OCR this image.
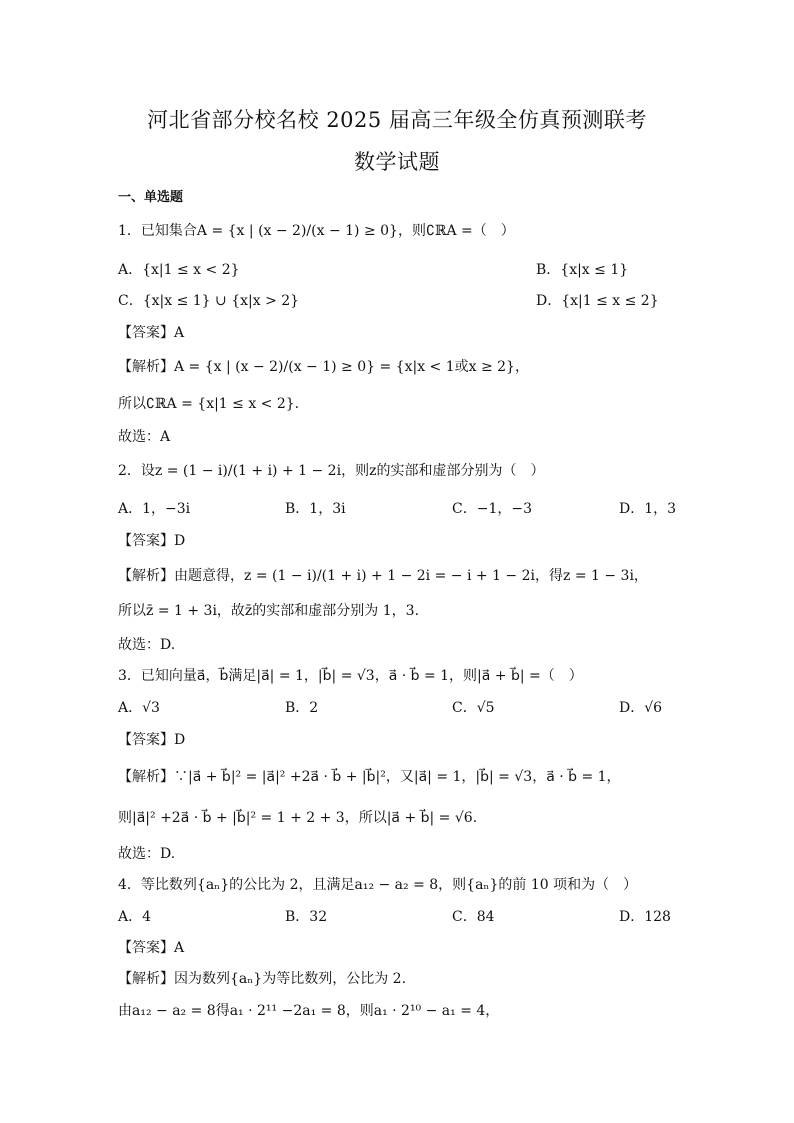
河北省部分校名校 2025 届高三年级全仿真预测联考
数学试题
一、单选题
1．已知集合A = {x | (x − 2)/(x − 1) ≥ 0}，则∁ℝA =（　）
A．{x|1 ≤ x < 2}	B．{x|x ≤ 1}
C．{x|x ≤ 1} ∪ {x|x > 2}	D．{x|1 ≤ x ≤ 2}
【答案】A
【解析】A = {x | (x − 2)/(x − 1) ≥ 0} = {x|x < 1或x ≥ 2}，
所以∁ℝA = {x|1 ≤ x < 2}.
故选：A
2．设z = (1 − i)/(1 + i) + 1 − 2i，则z的实部和虚部分别为（　）
A．1，−3i	B．1，3i	C．−1，−3	D．1，3
【答案】D
【解析】由题意得，z = (1 − i)/(1 + i) + 1 − 2i = − i + 1 − 2i，得z = 1 − 3i，
所以z̄ = 1 + 3i，故z̄的实部和虚部分别为 1，3.
故选：D.
3．已知向量a⃗，b⃗满足|a⃗| = 1，|b⃗| = √3，a⃗ · b⃗ = 1，则|a⃗ + b⃗| =（　）
A．√3	B．2	C．√5	D．√6
【答案】D
【解析】∵|a⃗ + b⃗|² = |a⃗|² +2a⃗ · b⃗ + |b⃗|²，又|a⃗| = 1，|b⃗| = √3，a⃗ · b⃗ = 1，
则|a⃗|² +2a⃗ · b⃗ + |b⃗|² = 1 + 2 + 3，所以|a⃗ + b⃗| = √6.
故选：D.
4．等比数列{aₙ}的公比为 2，且满足a₁₂ − a₂ = 8，则{aₙ}的前 10 项和为（　）
A．4	B．32	C．84	D．128
【答案】A
【解析】因为数列{aₙ}为等比数列，公比为 2.
由a₁₂ − a₂ = 8得a₁ · 2¹¹ −2a₁ = 8，则a₁ · 2¹⁰ − a₁ = 4，
